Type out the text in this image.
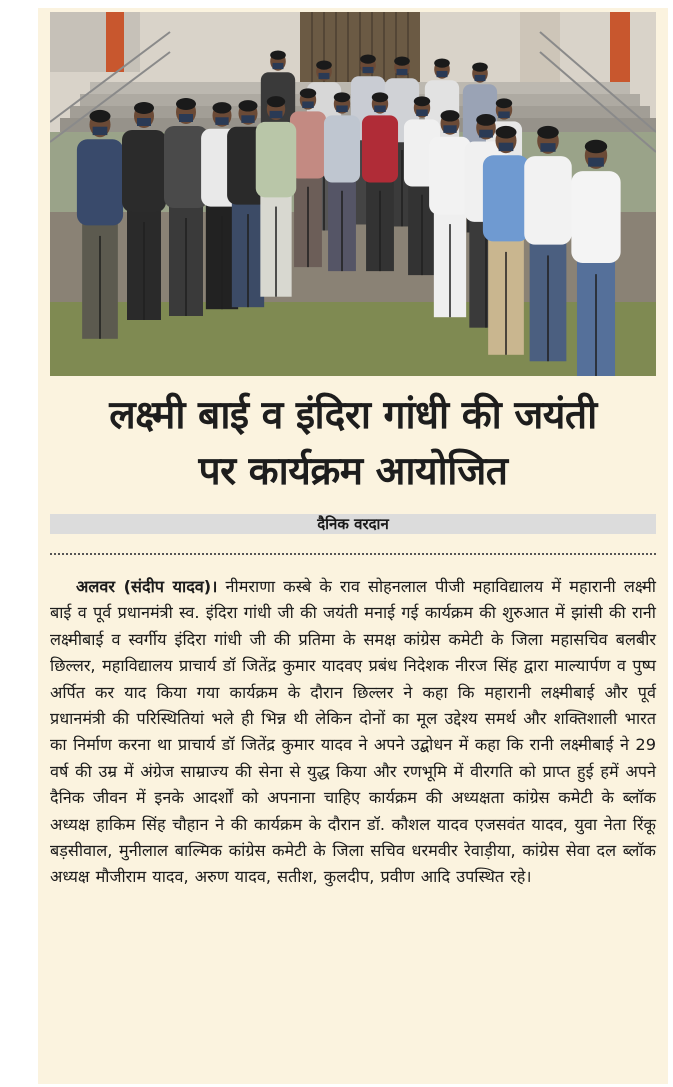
लक्ष्मी बाई व इंदिरा गांधी की जयंती
पर कार्यक्रम आयोजित
दैनिक वरदान
अलवर (संदीप यादव)। नीमराणा कस्बे के राव सोहनलाल पीजी महाविद्यालय में महारानी लक्ष्मी बाई व पूर्व प्रधानमंत्री स्व. इंदिरा गांधी जी की जयंती मनाई गई कार्यक्रम की शुरुआत में झांसी की रानी लक्ष्मीबाई व स्वर्गीय इंदिरा गांधी जी की प्रतिमा के समक्ष कांग्रेस कमेटी के जिला महासचिव बलबीर छिल्लर, महाविद्यालय प्राचार्य डॉ जितेंद्र कुमार यादवए प्रबंध निदेशक नीरज सिंह द्वारा माल्यार्पण व पुष्प अर्पित कर याद किया गया कार्यक्रम के दौरान छिल्लर ने कहा कि महारानी लक्ष्मीबाई और पूर्व प्रधानमंत्री की परिस्थितियां भले ही भिन्न थी लेकिन दोनों का मूल उद्देश्य समर्थ और शक्तिशाली भारत का निर्माण करना था प्राचार्य डॉ जितेंद्र कुमार यादव ने अपने उद्बोधन में कहा कि रानी लक्ष्मीबाई ने 29 वर्ष की उम्र में अंग्रेज साम्राज्य की सेना से युद्ध किया और रणभूमि में वीरगति को प्राप्त हुई हमें अपने दैनिक जीवन में इनके आदर्शों को अपनाना चाहिए कार्यक्रम की अध्यक्षता कांग्रेस कमेटी के ब्लॉक अध्यक्ष हाकिम सिंह चौहान ने की कार्यक्रम के दौरान डॉ. कौशल यादव एजसवंत यादव, युवा नेता रिंकू बड़सीवाल, मुनीलाल बाल्मिक कांग्रेस कमेटी के जिला सचिव धरमवीर रेवाड़ीया, कांग्रेस सेवा दल ब्लॉक अध्यक्ष मौजीराम यादव, अरुण यादव, सतीश, कुलदीप, प्रवीण आदि उपस्थित रहे।
